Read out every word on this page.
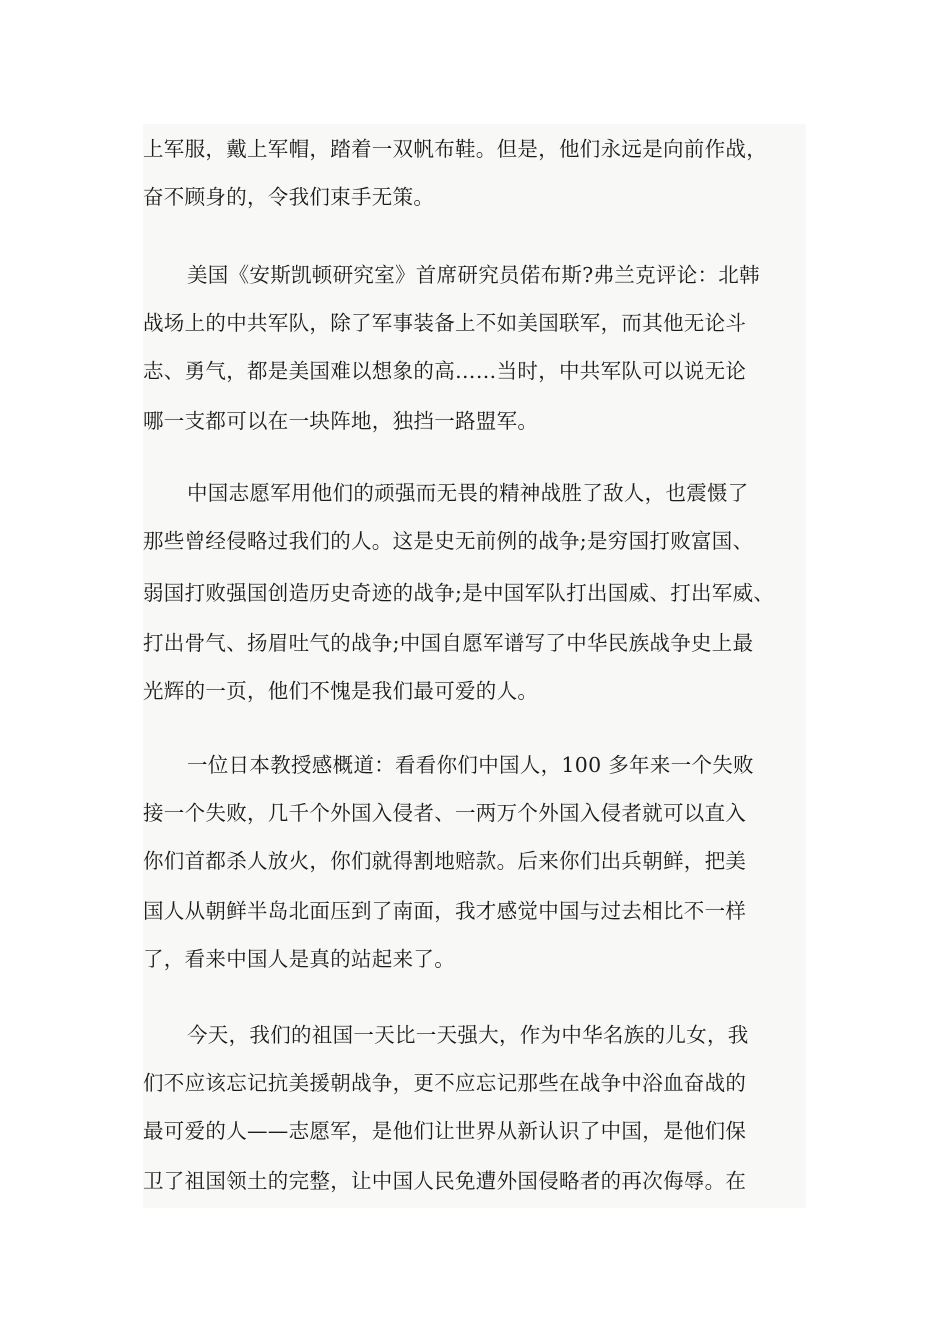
上军服，戴上军帽，踏着一双帆布鞋。但是，他们永远是向前作战，
奋不顾身的，令我们束手无策。
美国《安斯凯顿研究室》首席研究员偌布斯?弗兰克评论：北韩
战场上的中共军队，除了军事装备上不如美国联军，而其他无论斗
志、勇气，都是美国难以想象的高……当时，中共军队可以说无论
哪一支都可以在一块阵地，独挡一路盟军。
中国志愿军用他们的顽强而无畏的精神战胜了敌人，也震慑了
那些曾经侵略过我们的人。这是史无前例的战争;是穷国打败富国、
弱国打败强国创造历史奇迹的战争;是中国军队打出国威、打出军威、
打出骨气、扬眉吐气的战争;中国自愿军谱写了中华民族战争史上最
光辉的一页，他们不愧是我们最可爱的人。
一位日本教授感概道：看看你们中国人，100 多年来一个失败
接一个失败，几千个外国入侵者、一两万个外国入侵者就可以直入
你们首都杀人放火，你们就得割地赔款。后来你们出兵朝鲜，把美
国人从朝鲜半岛北面压到了南面，我才感觉中国与过去相比不一样
了，看来中国人是真的站起来了。
今天，我们的祖国一天比一天强大，作为中华名族的儿女，我
们不应该忘记抗美援朝战争，更不应忘记那些在战争中浴血奋战的
最可爱的人——志愿军，是他们让世界从新认识了中国，是他们保
卫了祖国领土的完整，让中国人民免遭外国侵略者的再次侮辱。在
